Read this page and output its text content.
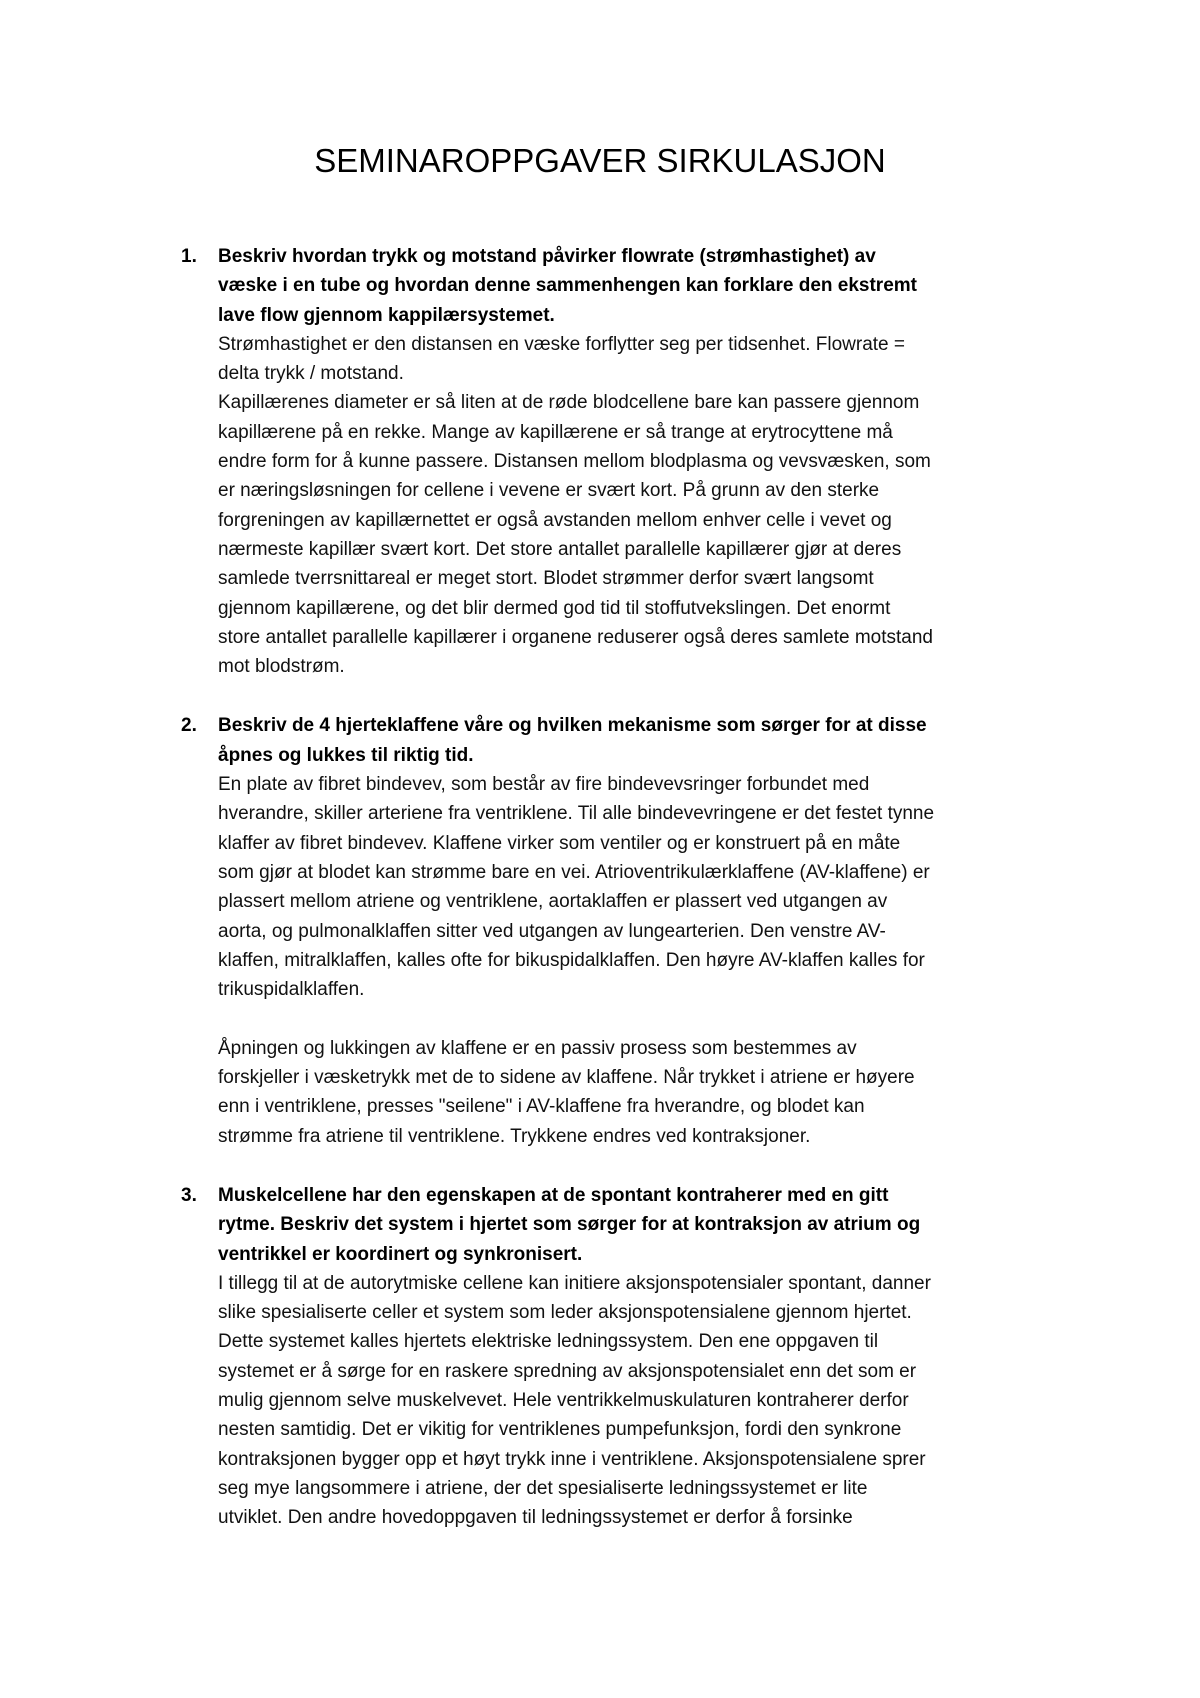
SEMINAROPPGAVER SIRKULASJON
1. Beskriv hvordan trykk og motstand påvirker flowrate (strømhastighet) av
væske i en tube og hvordan denne sammenhengen kan forklare den ekstremt
lave flow gjennom kappilærsystemet.

Strømhastighet er den distansen en væske forflytter seg per tidsenhet. Flowrate =
delta trykk / motstand.

Kapillærenes diameter er så liten at de røde blodcellene bare kan passere gjennom
kapillærene på en rekke. Mange av kapillærene er så trange at erytrocyttene må
endre form for å kunne passere. Distansen mellom blodplasma og vevsvæsken, som
er næringsløsningen for cellene i vevene er svært kort. På grunn av den sterke
forgreningen av kapillærnettet er også avstanden mellom enhver celle i vevet og
nærmeste kapillær svært kort. Det store antallet parallelle kapillærer gjør at deres
samlede tverrsnittareal er meget stort. Blodet strømmer derfor svært langsomt
gjennom kapillærene, og det blir dermed god tid til stoffutvekslingen. Det enormt
store antallet parallelle kapillærer i organene reduserer også deres samlete motstand
mot blodstrøm.

2. Beskriv de 4 hjerteklaffene våre og hvilken mekanisme som sørger for at disse
åpnes og lukkes til riktig tid.

En plate av fibret bindevev, som består av fire bindevevsringer forbundet med
hverandre, skiller arteriene fra ventriklene. Til alle bindevevringene er det festet tynne
klaffer av fibret bindevev. Klaffene virker som ventiler og er konstruert på en måte
som gjør at blodet kan strømme bare en vei. Atrioventrikulærklaffene (AV-klaffene) er
plassert mellom atriene og ventriklene, aortaklaffen er plassert ved utgangen av
aorta, og pulmonalklaffen sitter ved utgangen av lungearterien. Den venstre AV-
klaffen, mitralklaffen, kalles ofte for bikuspidalklaffen. Den høyre AV-klaffen kalles for
trikuspidalklaffen.

Åpningen og lukkingen av klaffene er en passiv prosess som bestemmes av
forskjeller i væsketrykk met de to sidene av klaffene. Når trykket i atriene er høyere
enn i ventriklene, presses "seilene" i AV-klaffene fra hverandre, og blodet kan
strømme fra atriene til ventriklene. Trykkene endres ved kontraksjoner.

3. Muskelcellene har den egenskapen at de spontant kontraherer med en gitt
rytme. Beskriv det system i hjertet som sørger for at kontraksjon av atrium og
ventrikkel er koordinert og synkronisert.

I tillegg til at de autorytmiske cellene kan initiere aksjonspotensialer spontant, danner
slike spesialiserte celler et system som leder aksjonspotensialene gjennom hjertet.
Dette systemet kalles hjertets elektriske ledningssystem. Den ene oppgaven til
systemet er å sørge for en raskere spredning av aksjonspotensialet enn det som er
mulig gjennom selve muskelvevet. Hele ventrikkelmuskulaturen kontraherer derfor
nesten samtidig. Det er vikitig for ventriklenes pumpefunksjon, fordi den synkrone
kontraksjonen bygger opp et høyt trykk inne i ventriklene. Aksjonspotensialene sprer
seg mye langsommere i atriene, der det spesialiserte ledningssystemet er lite
utviklet. Den andre hovedoppgaven til ledningssystemet er derfor å forsinke
